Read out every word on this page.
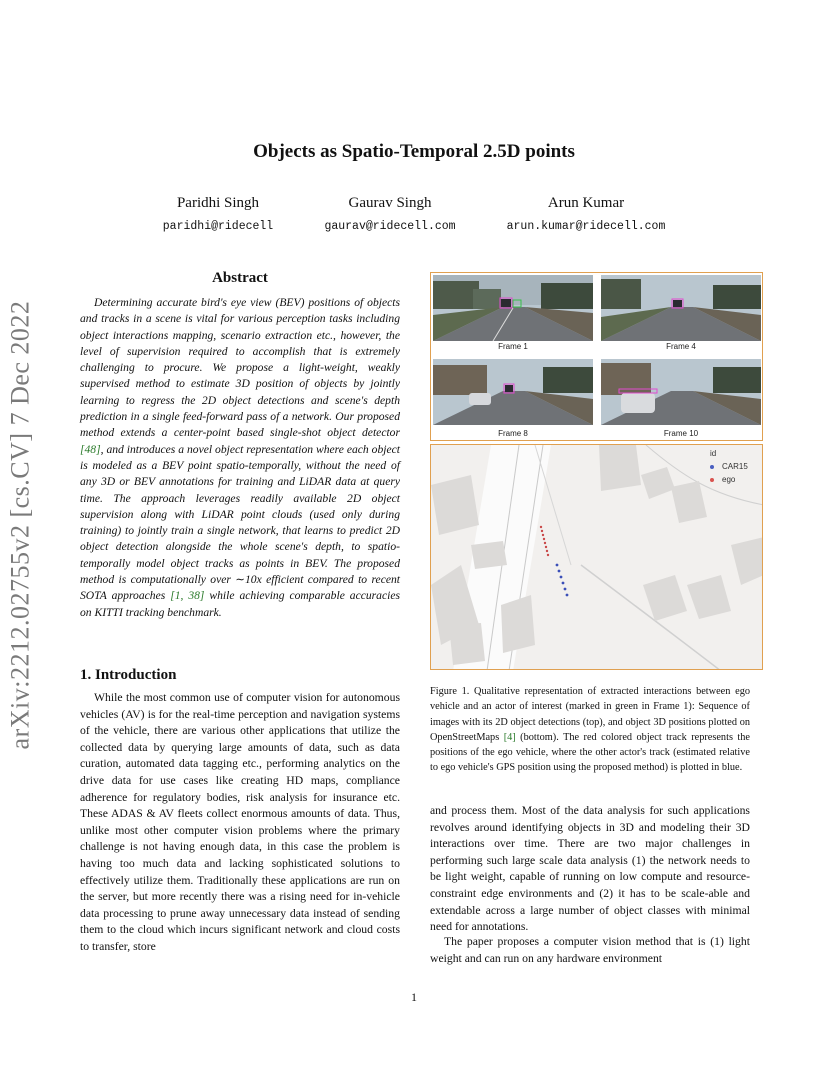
arXiv:2212.02755v2 [cs.CV] 7 Dec 2022
Objects as Spatio-Temporal 2.5D points
Paridhi Singh
paridhi@ridecell
Gaurav Singh
gaurav@ridecell.com
Arun Kumar
arun.kumar@ridecell.com
Abstract

Determining accurate bird's eye view (BEV) positions of objects and tracks in a scene is vital for various perception tasks including object interactions mapping, scenario extraction etc., however, the level of supervision required to accomplish that is extremely challenging to procure. We propose a light-weight, weakly supervised method to estimate 3D position of objects by jointly learning to regress the 2D object detections and scene's depth prediction in a single feed-forward pass of a network. Our proposed method extends a center-point based single-shot object detector [48], and introduces a novel object representation where each object is modeled as a BEV point spatio-temporally, without the need of any 3D or BEV annotations for training and LiDAR data at query time. The approach leverages readily available 2D object supervision along with LiDAR point clouds (used only during training) to jointly train a single network, that learns to predict 2D object detection alongside the whole scene's depth, to spatio-temporally model object tracks as points in BEV. The proposed method is computationally over ∼10x efficient compared to recent SOTA approaches [1, 38] while achieving comparable accuracies on KITTI tracking benchmark.

1. Introduction

While the most common use of computer vision for autonomous vehicles (AV) is for the real-time perception and navigation systems of the vehicle, there are various other applications that utilize the collected data by querying large amounts of data, such as data curation, automated data tagging etc., performing analytics on the drive data for use cases like creating HD maps, compliance adherence for regulatory bodies, risk analysis for insurance etc. These ADAS & AV fleets collect enormous amounts of data. Thus, unlike most other computer vision problems where the primary challenge is not having enough data, in this case the problem is having too much data and lacking sophisticated solutions to effectively utilize them. Traditionally these applications are run on the server, but more recently there was a rising need for in-vehicle data processing to prune away unnecessary data instead of sending them to the cloud which incurs significant network and cloud costs to transfer, store

Frame 1	Frame 4
Frame 8	Frame 10
id
CAR15
ego

Figure 1. Qualitative representation of extracted interactions between ego vehicle and an actor of interest (marked in green in Frame 1): Sequence of images with its 2D object detections (top), and object 3D positions plotted on OpenStreetMaps [4] (bottom). The red colored object track represents the positions of the ego vehicle, where the other actor's track (estimated relative to ego vehicle's GPS position using the proposed method) is plotted in blue.

and process them. Most of the data analysis for such applications revolves around identifying objects in 3D and modeling their 3D interactions over time. There are two major challenges in performing such large scale data analysis (1) the network needs to be light weight, capable of running on low compute and resource-constraint edge environments and (2) it has to be scale-able and extendable across a large number of object classes with minimal need for annotations.

The paper proposes a computer vision method that is (1) light weight and can run on any hardware environment

1
